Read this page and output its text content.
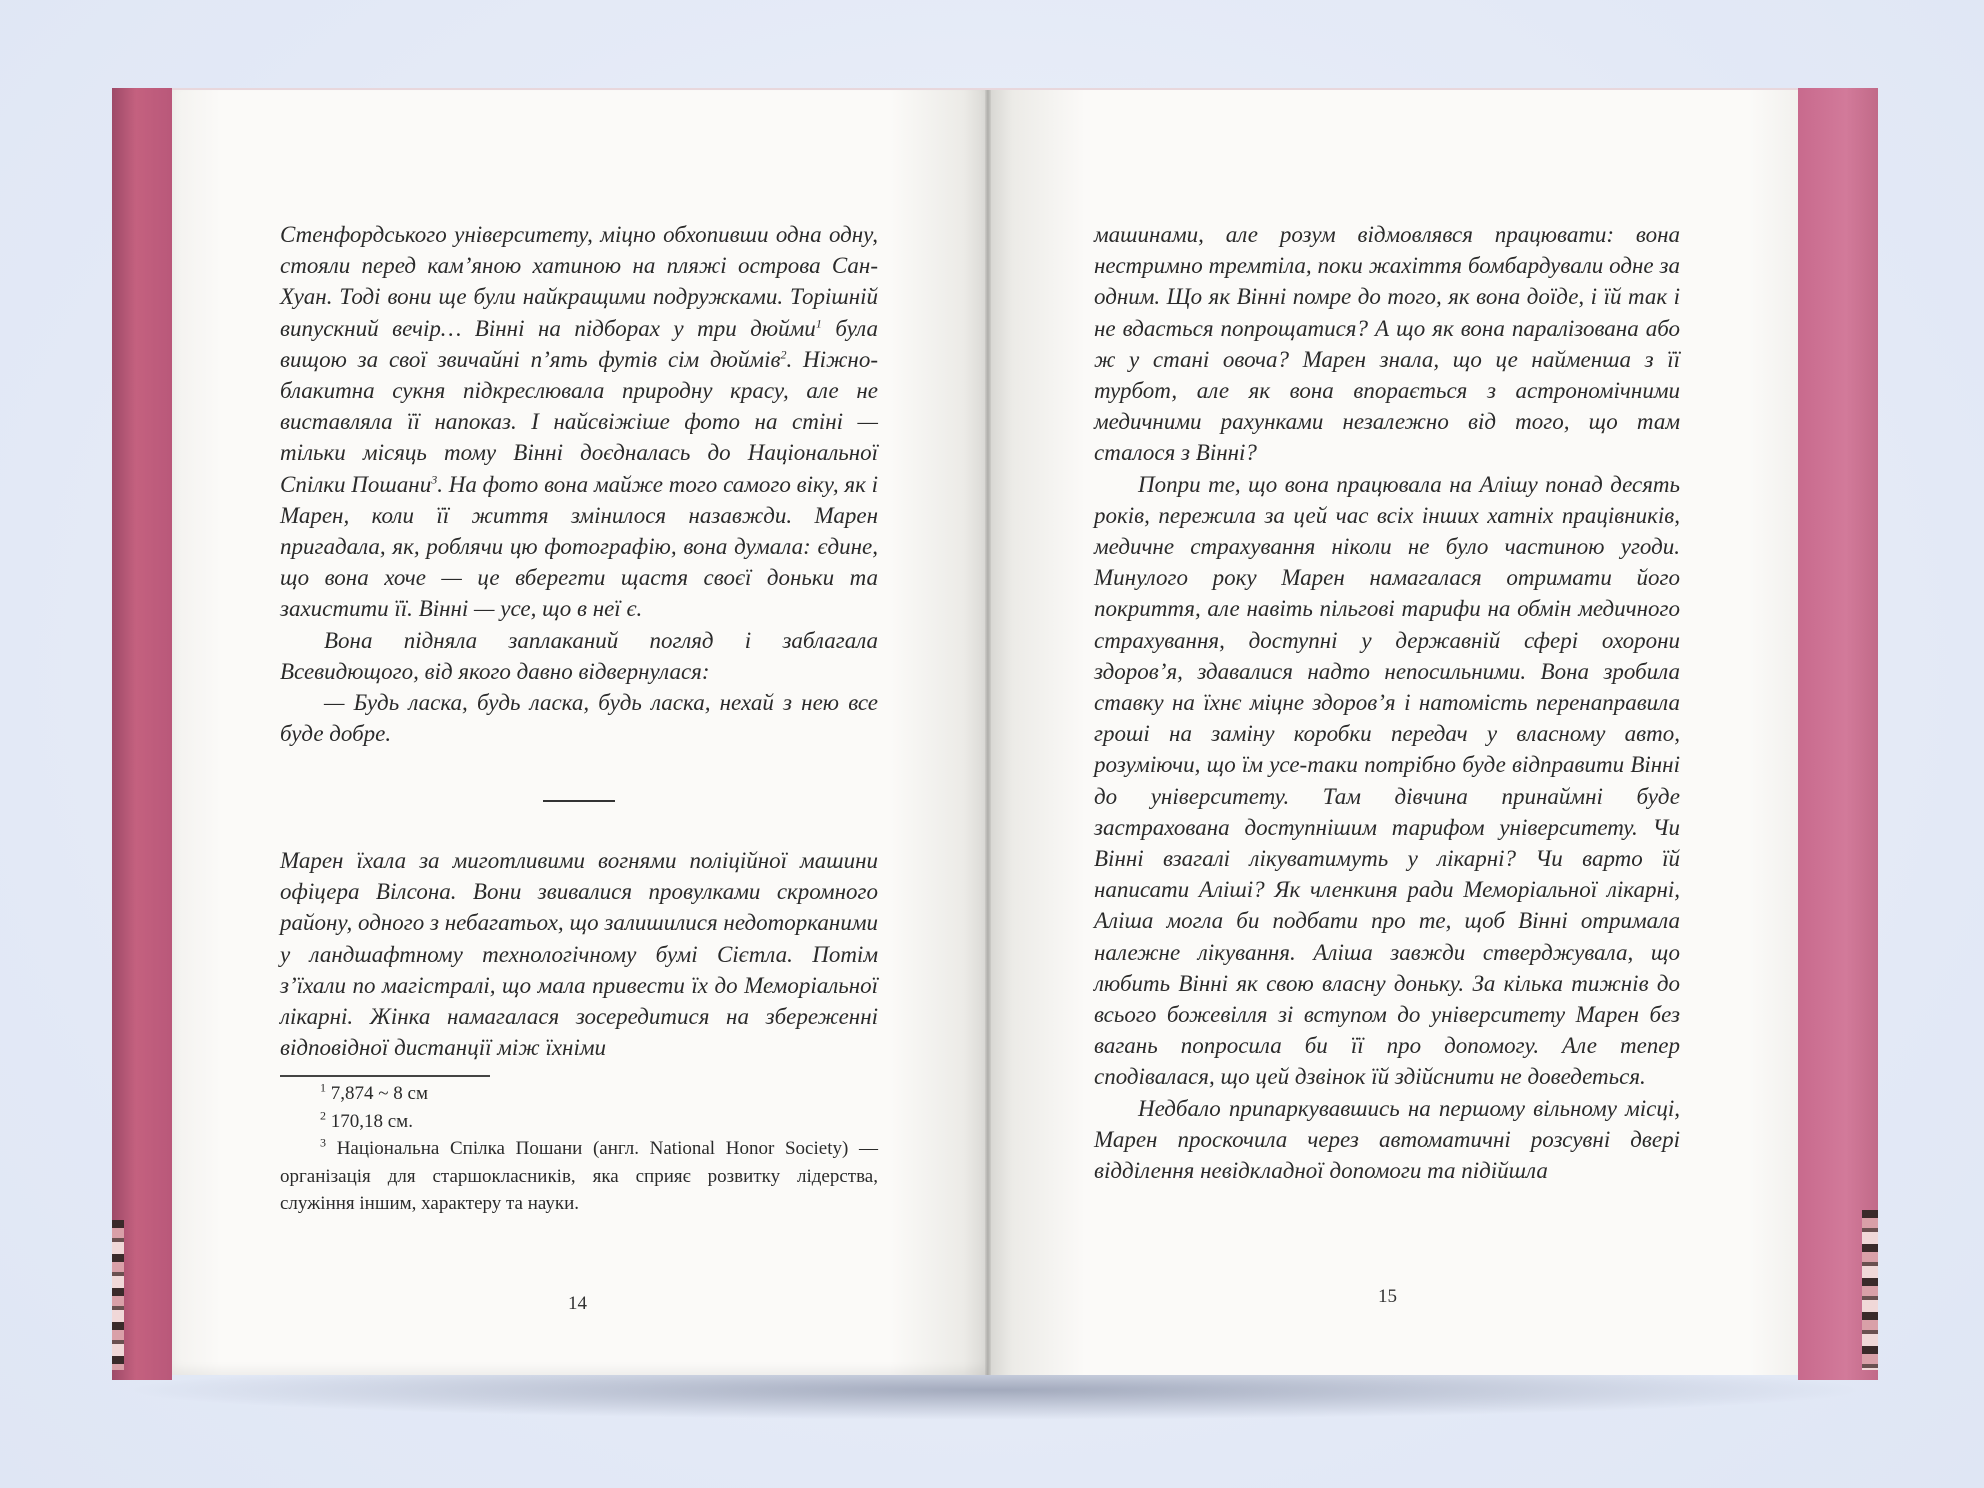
Стенфордського університету, міцно обхопивши одна одну, стояли перед кам’яною хатиною на пляжі острова Сан-Хуан. Тоді вони ще були найкращими подружками. Торішній випускний вечір… Вінні на підборах у три дюйми$^1$ була вищою за свої звичайні п’ять футів сім дюймів$^2$. Ніжно-блакитна сукня підкреслювала природну красу, але не виставляла її напоказ. І найсвіжіше фото на стіні — тільки місяць тому Вінні доєдналась до Національної Спілки Пошани$^3$. На фото вона майже того самого віку, як і Марен, коли її життя змінилося назавжди. Марен пригадала, як, роблячи цю фотографію, вона думала: єдине, що вона хоче — це вберегти щастя своєї доньки та захистити її. Вінні — усе, що в неї є.

Вона підняла заплаканий погляд і заблагала Всевидющого, від якого давно відвернулася:

— Будь ласка, будь ласка, будь ласка, нехай з нею все буде добре.

Марен їхала за миготливими вогнями поліційної машини офіцера Вілсона. Вони звивалися провулками скромного району, одного з небагатьох, що залишилися недоторканими у ландшафтному технологічному бумі Сієтла. Потім з’їхали по магістралі, що мала привести їх до Меморіальної лікарні. Жінка намагалася зосередитися на збереженні відповідної дистанції між їхніми

$^1$ 7,874 ~ 8 см

$^2$ 170,18 см.

$^3$ Національна Спілка Пошани (англ. National Honor Society) — організація для старшокласників, яка сприяє розвитку лідерства, служіння іншим, характеру та науки.

14

машинами, але розум відмовлявся працювати: вона нестримно тремтіла, поки жахіття бомбардували одне за одним. Що як Вінні помре до того, як вона доїде, і їй так і не вдасться попрощатися? А що як вона паралізована або ж у стані овоча? Марен знала, що це найменша з її турбот, але як вона впорається з астрономічними медичними рахунками незалежно від того, що там сталося з Вінні?

Попри те, що вона працювала на Алішу понад десять років, пережила за цей час всіх інших хатніх працівників, медичне страхування ніколи не було частиною угоди. Минулого року Марен намагалася отримати його покриття, але навіть пільгові тарифи на обмін медичного страхування, доступні у державній сфері охорони здоров’я, здавалися надто непосильними. Вона зробила ставку на їхнє міцне здоров’я і натомість перенаправила гроші на заміну коробки передач у власному авто, розуміючи, що їм усе-таки потрібно буде відправити Вінні до університету. Там дівчина принаймні буде застрахована доступнішим тарифом університету. Чи Вінні взагалі лікуватимуть у лікарні? Чи варто їй написати Аліші? Як членкиня ради Меморіальної лікарні, Аліша могла би подбати про те, щоб Вінні отримала належне лікування. Аліша завжди стверджувала, що любить Вінні як свою власну доньку. За кілька тижнів до всього божевілля зі вступом до університету Марен без вагань попросила би її про допомогу. Але тепер сподівалася, що цей дзвінок їй здійснити не доведеться.

Недбало припаркувавшись на першому вільному місці, Марен проскочила через автоматичні розсувні двері відділення невідкладної допомоги та підійшла

15
